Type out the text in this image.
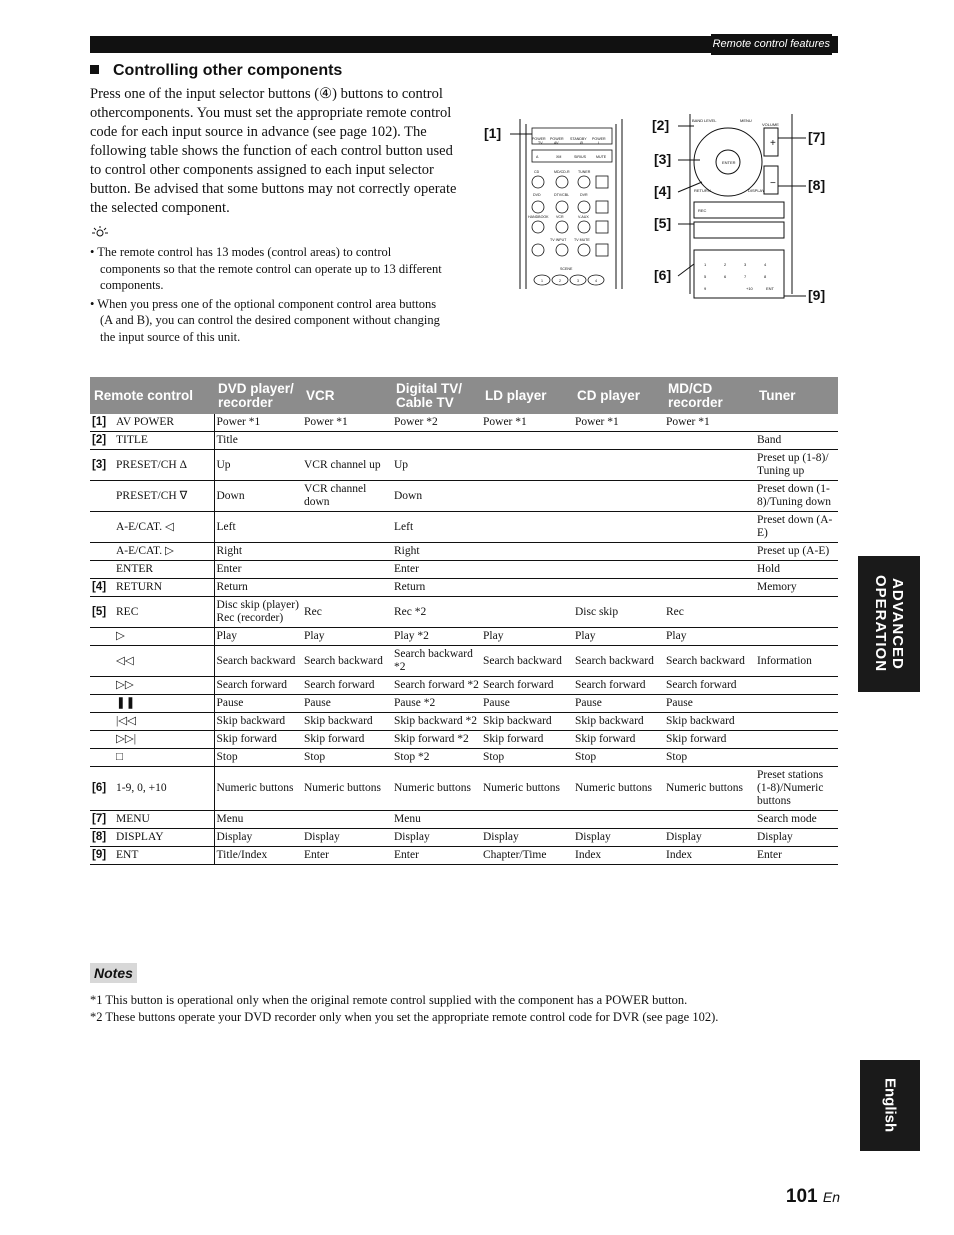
Remote control features
Controlling other components
Press one of the input selector buttons (④) buttons to control othercomponents. You must set the appropriate remote control code for each input source in advance (see page 102). The following table shows the function of each control button used to control other components assigned to each input selector button. Be advised that some buttons may not correctly operate the selected component.
• The remote control has 13 modes (control areas) to control components so that the remote control can operate up to 13 different components.
• When you press one of the optional component control area buttons (A and B), you can control the desired component without changing the input source of this unit.
[1]	POWER POWER STANDBY POWER
TV	AV	Ø	I
A	XM	SIRIUS	MUTE
CD	MD/CD-R TUNER
DVD	DTV/CBL	DVR
HANDBOOK VCR	V-AUX
TV INPUT TV MUTE
SCENE
1	2	3	4
BAND LEVEL	MENU
VOLUME
ENTER
RETURN	DISPLAY
REC
+10	ENT
1	2	3	4
5	6	7	8
9
+
−
[2]
[3]
[4]
[5]
[6]
[7]
[8]
[9]
Remote control	DVD player/ recorder	VCR	Digital TV/ Cable TV	LD player	CD player	MD/CD recorder	Tuner
[1] AV POWER	Power *1	Power *1	Power *2	Power *1	Power *1	Power *1	
[2] TITLE	Title						Band
[3] PRESET/CH Δ	Up	VCR channel up	Up				Preset up (1-8)/ Tuning up
PRESET/CH ∇	Down	VCR channel down	Down				Preset down (1-8)/Tuning down
A-E/CAT. ◁	Left		Left				Preset down (A-E)
A-E/CAT. ▷	Right		Right				Preset up (A-E)
ENTER	Enter		Enter				Hold
[4] RETURN	Return		Return				Memory
[5] REC	Disc skip (player) Rec (recorder)	Rec	Rec *2		Disc skip	Rec	
▷	Play	Play	Play *2	Play	Play	Play	
◁◁	Search backward	Search backward	Search backward *2	Search backward	Search backward	Search backward	Information
▷▷	Search forward	Search forward	Search forward *2	Search forward	Search forward	Search forward	
❚❚	Pause	Pause	Pause *2	Pause	Pause	Pause	
|◁◁	Skip backward	Skip backward	Skip backward *2	Skip backward	Skip backward	Skip backward	
▷▷|	Skip forward	Skip forward	Skip forward *2	Skip forward	Skip forward	Skip forward	
□	Stop	Stop	Stop *2	Stop	Stop	Stop	
[6] 1-9, 0, +10	Numeric buttons	Numeric buttons	Numeric buttons	Numeric buttons	Numeric buttons	Numeric buttons	Preset stations (1-8)/Numeric buttons
[7] MENU	Menu		Menu				Search mode
[8] DISPLAY	Display	Display	Display	Display	Display	Display	Display
[9] ENT	Title/Index	Enter	Enter	Chapter/Time	Index	Index	Enter
Notes
*1 This button is operational only when the original remote control supplied with the component has a POWER button.
*2 These buttons operate your DVD recorder only when you set the appropriate remote control code for DVR (see page 102).
ADVANCED OPERATION
English
101 En
